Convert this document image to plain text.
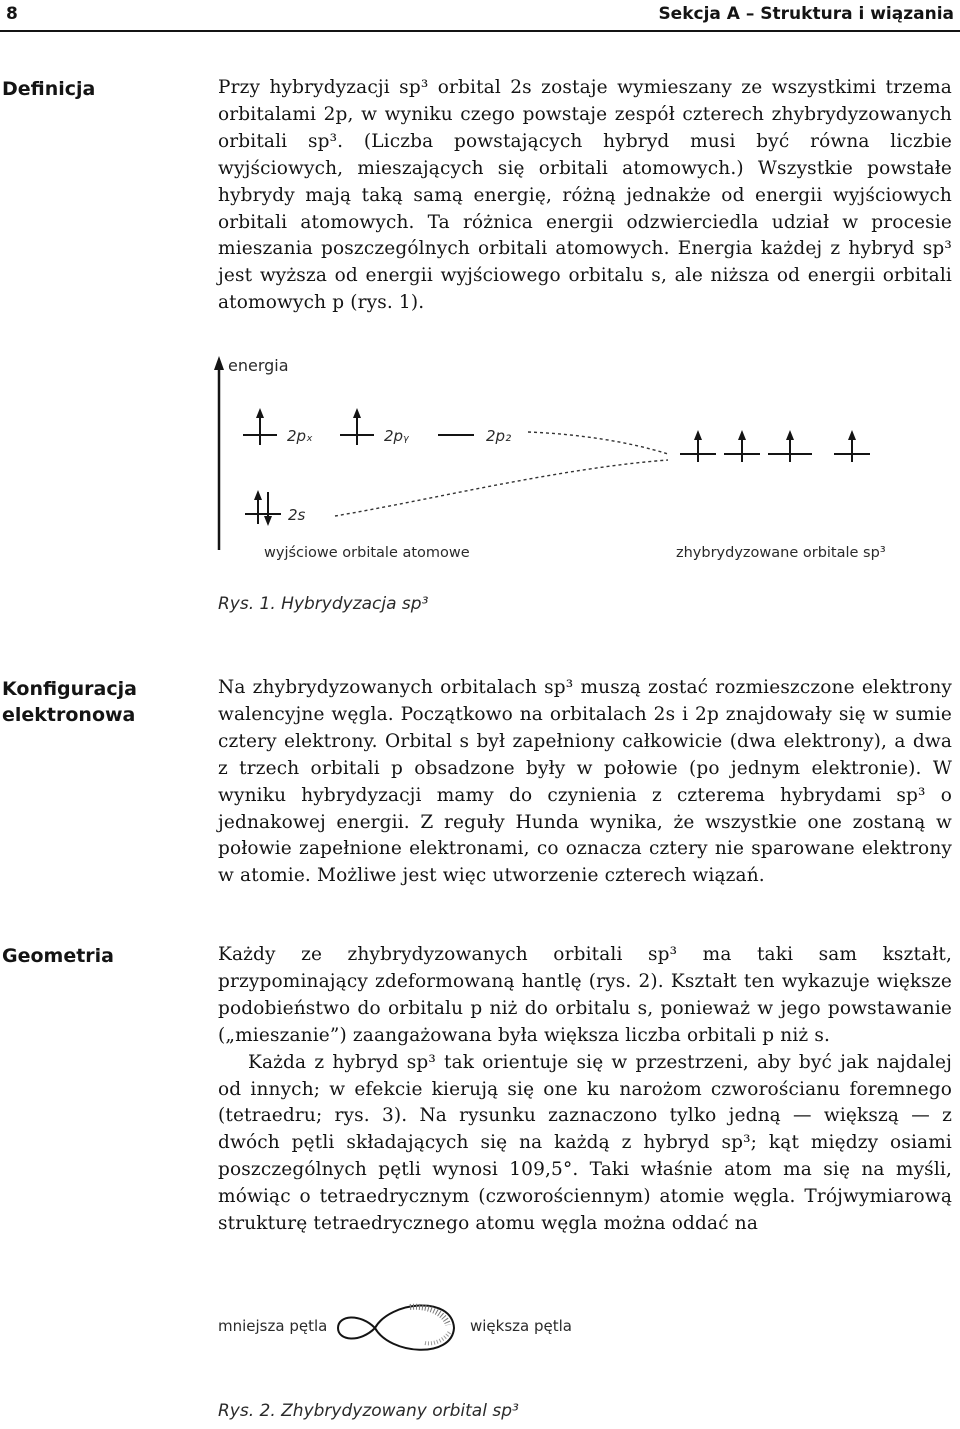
8	Sekcja A – Struktura i wiązania
Definicja	Przy hybrydyzacji sp³ orbital 2s zostaje wymieszany ze wszystkimi trzema orbitalami 2p, w wyniku czego powstaje zespół czterech zhybrydyzowanych orbitali sp³. (Liczba powstających hybryd musi być równa liczbie wyjściowych, mieszających się orbitali atomowych.) Wszystkie powstałe hybrydy mają taką samą energię, różną jednakże od energii wyjściowych orbitali atomowych. Ta różnica energii odzwierciedla udział w procesie mieszania poszczególnych orbitali atomowych. Energia każdej z hybryd sp³ jest wyższa od energii wyjściowego orbitalu s, ale niższa od energii orbitali atomowych p (rys. 1).

energia
2pₓ	2pᵧ	2p₂
2s
wyjściowe orbitale atomowe	zhybrydyzowane orbitale sp³
Rys. 1. Hybrydyzacja sp³
Konfiguracja
elektronowa

Na zhybrydyzowanych orbitalach sp³ muszą zostać rozmieszczone elektrony walencyjne węgla. Początkowo na orbitalach 2s i 2p znajdowały się w sumie cztery elektrony. Orbital s był zapełniony całkowicie (dwa elektrony), a dwa z trzech orbitali p obsadzone były w połowie (po jednym elektronie). W wyniku hybrydyzacji mamy do czynienia z czterema hybrydami sp³ o jednakowej energii. Z reguły Hunda wynika, że wszystkie one zostaną w połowie zapełnione elektronami, co oznacza cztery nie sparowane elektrony w atomie. Możliwe jest więc utworzenie czterech wiązań.

Geometria	Każdy ze zhybrydyzowanych orbitali sp³ ma taki sam kształt, przypominający zdeformowaną hantlę (rys. 2). Kształt ten wykazuje większe podobieństwo do orbitalu p niż do orbitalu s, ponieważ w jego powstawanie („mieszanie”) zaangażowana była większa liczba orbitali p niż s.

Każda z hybryd sp³ tak orientuje się w przestrzeni, aby być jak najdalej od innych; w efekcie kierują się one ku narożom czworościanu foremnego (tetraedru; rys. 3). Na rysunku zaznaczono tylko jedną — większą — z dwóch pętli składających się na każdą z hybryd sp³; kąt między osiami poszczególnych pętli wynosi 109,5°. Taki właśnie atom ma się na myśli, mówiąc o tetraedrycznym (czworościennym) atomie węgla. Trójwymiarową strukturę tetraedrycznego atomu węgla można oddać na

mniejsza pętla	większa pętla
Rys. 2. Zhybrydyzowany orbital sp³
